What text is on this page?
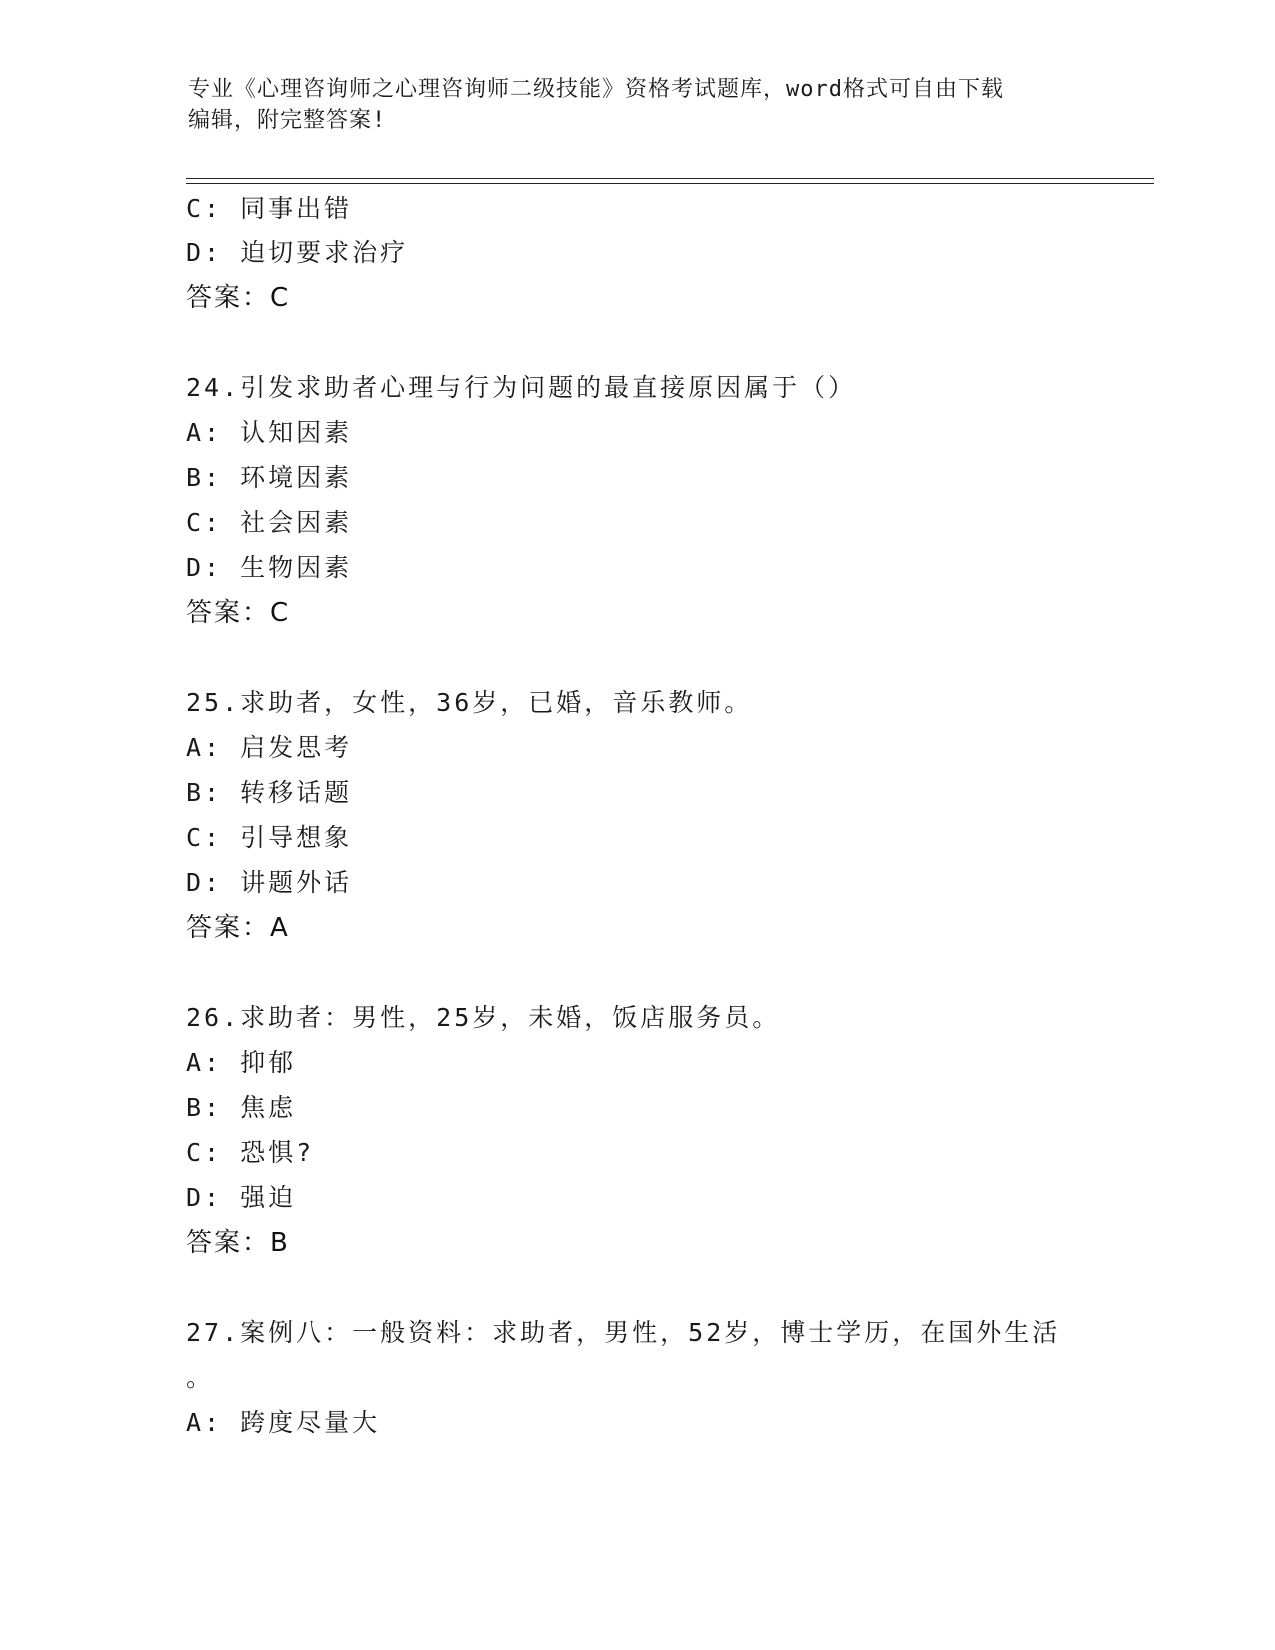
专业《心理咨询师之心理咨询师二级技能》资格考试题库，word格式可自由下载
编辑，附完整答案!
C: 同事出错
D: 迫切要求治疗
答案：C
24.引发求助者心理与行为问题的最直接原因属于（）
A: 认知因素
B: 环境因素
C: 社会因素
D: 生物因素
答案：C
25.求助者，女性，36岁，已婚，音乐教师。
A: 启发思考
B: 转移话题
C: 引导想象
D: 讲题外话
答案：A
26.求助者：男性，25岁，未婚，饭店服务员。
A: 抑郁
B: 焦虑
C: 恐惧?
D: 强迫
答案：B
27.案例八：一般资料：求助者，男性，52岁，博士学历，在国外生活
。
A: 跨度尽量大
